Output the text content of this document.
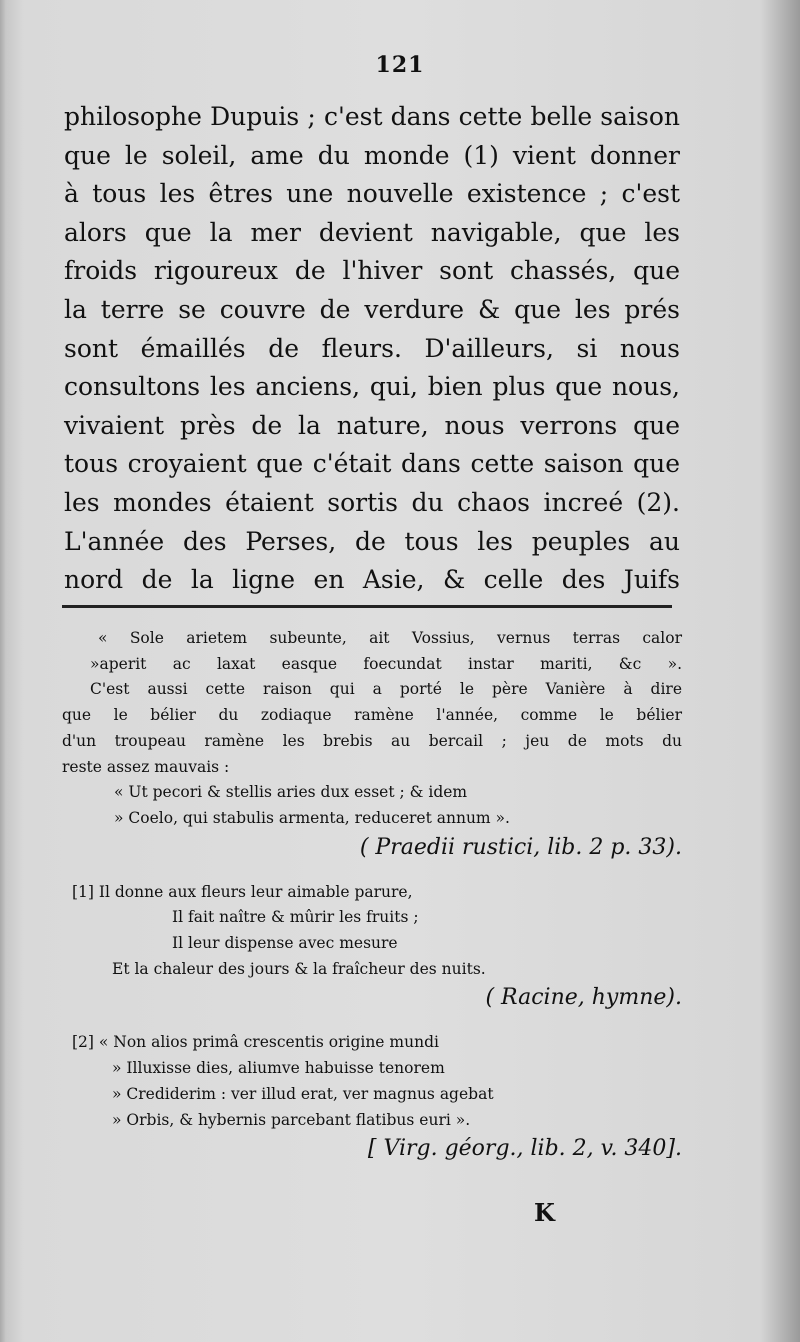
121
philosophe Dupuis ; c'est dans cette belle saison
que le soleil, ame du monde (1) vient donner
à tous les êtres une nouvelle existence ; c'est
alors que la mer devient navigable, que les
froids rigoureux de l'hiver sont chassés, que
la terre se couvre de verdure & que les prés
sont émaillés de fleurs. D'ailleurs, si nous
consultons les anciens, qui, bien plus que nous,
vivaient près de la nature, nous verrons que
tous croyaient que c'était dans cette saison que
les mondes étaient sortis du chaos increé (2).
L'année des Perses, de tous les peuples au
nord de la ligne en Asie, & celle des Juifs
« Sole arietem subeunte, ait Vossius, vernus terras calor
»aperit ac laxat easque foecundat instar mariti, &c ».
C'est aussi cette raison qui a porté le père Vanière à dire
que le bélier du zodiaque ramène l'année, comme le bélier
d'un troupeau ramène les brebis au bercail ; jeu de mots du
reste assez mauvais :
« Ut pecori & stellis aries dux esset ; & idem
» Coelo, qui stabulis armenta, reduceret annum ».
( Praedii rustici, lib. 2 p. 33).
[1] Il donne aux fleurs leur aimable parure,
Il fait naître & mûrir les fruits ;
Il leur dispense avec mesure
Et la chaleur des jours & la fraîcheur des nuits.
( Racine, hymne).
[2] « Non alios primâ crescentis origine mundi
» Illuxisse dies, aliumve habuisse tenorem
» Crediderim : ver illud erat, ver magnus agebat
» Orbis, & hybernis parcebant flatibus euri ».
[ Virg. géorg., lib. 2, v. 340].
K
